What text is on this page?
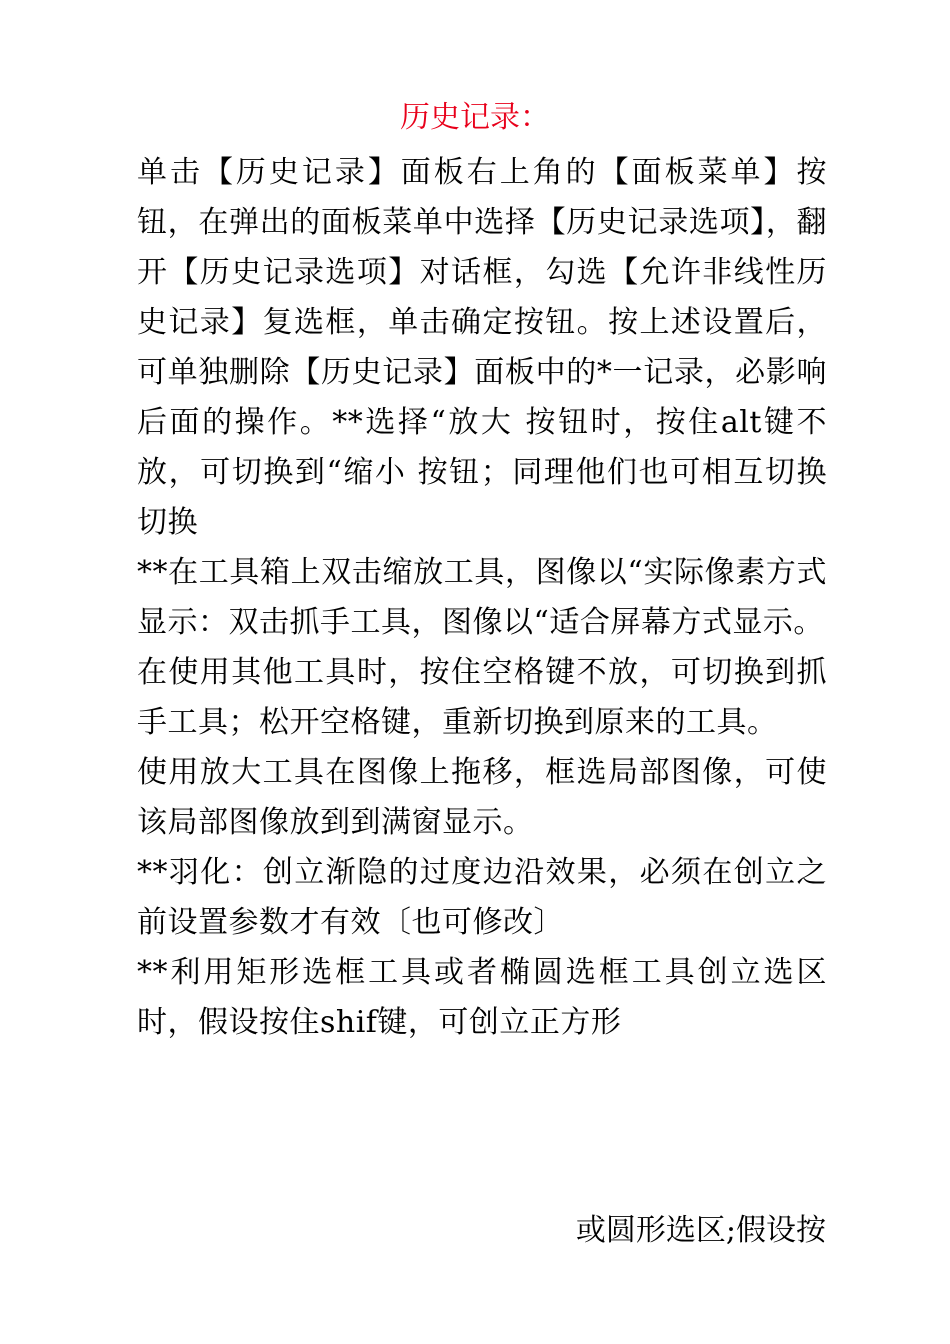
历史记录：

单击【历史记录】面板右上角的【面板菜单】按钮，在弹出的面板菜单中选择【历史记录选项】，翻开【历史记录选项】对话框，勾选【允许非线性历史记录】复选框，单击确定按钮。按上述设置后，可单独删除【历史记录】面板中的*一记录，必影响后面的操作。**选择“放大 按钮时，按住alt键不放，可切换到“缩小 按钮；同理他们也可相互切换切换

**在工具箱上双击缩放工具，图像以“实际像素方式显示：双击抓手工具，图像以“适合屏幕方式显示。

在使用其他工具时，按住空格键不放，可切换到抓手工具；松开空格键，重新切换到原来的工具。

使用放大工具在图像上拖移，框选局部图像，可使该局部图像放到到满窗显示。

**羽化：创立渐隐的过度边沿效果，必须在创立之前设置参数才有效〔也可修改〕

**利用矩形选框工具或者椭圆选框工具创立选区时，假设按住shif键，可创立正方形

或圆形选区;假设按
